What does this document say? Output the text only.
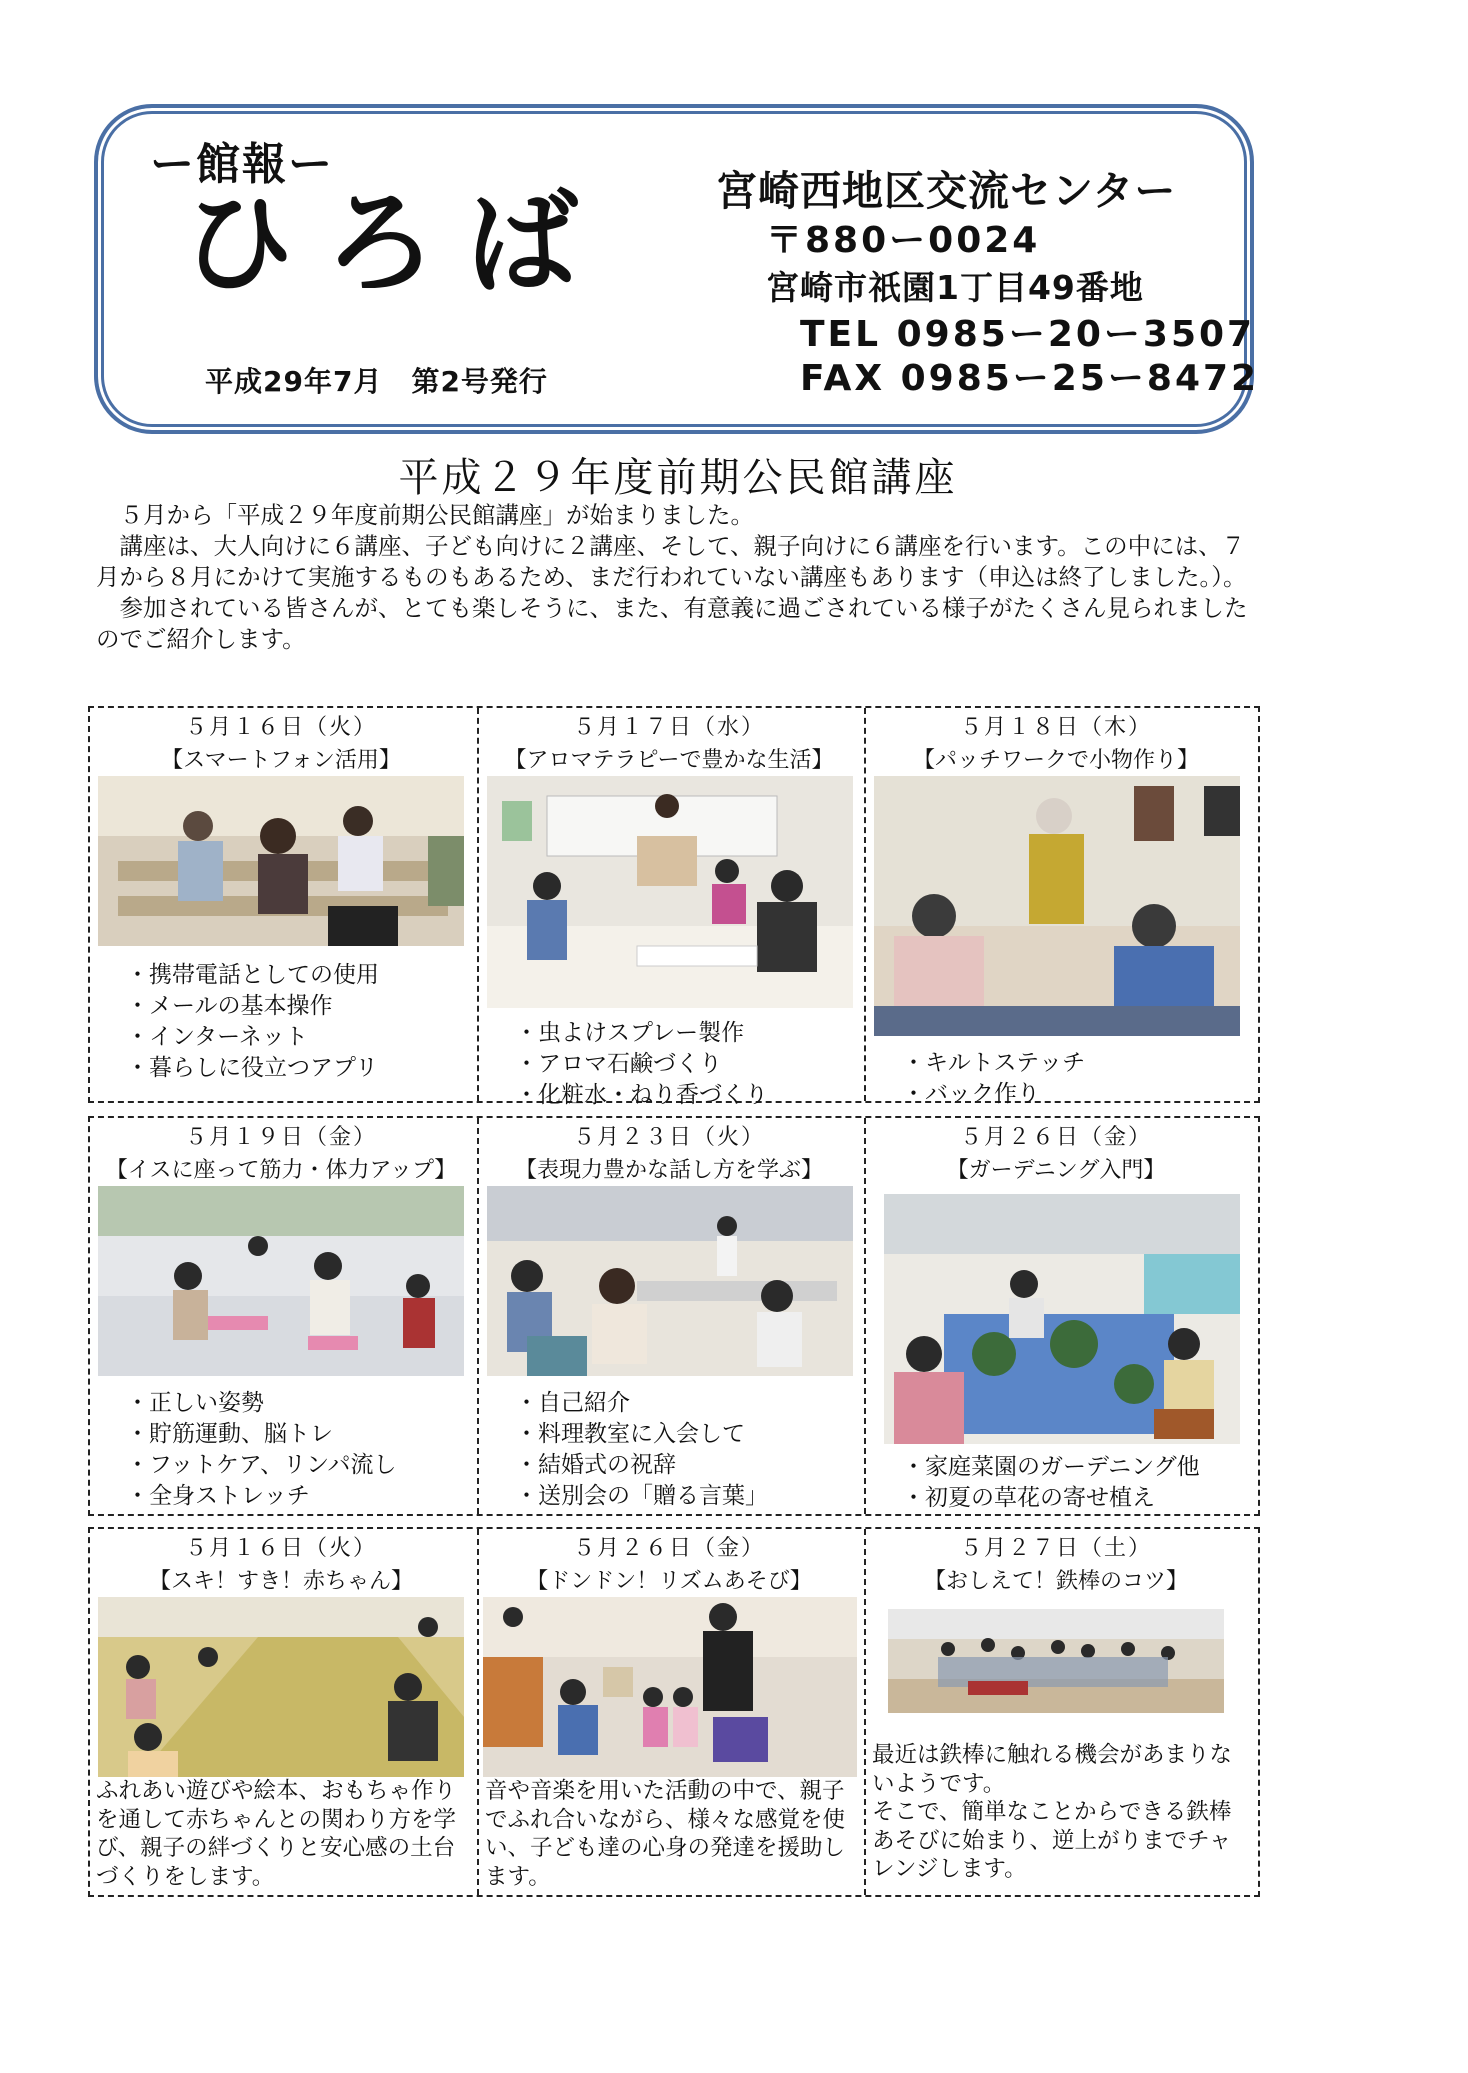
ー館報ー
ひろば
平成29年7月　第2号発行
宮崎西地区交流センター
〒880ー0024
宮崎市祇園1丁目49番地
TEL 0985ー20ー3507
FAX 0985ー25ー8472
平成２９年度前期公民館講座

５月から「平成２９年度前期公民館講座」が始まりました。

講座は、大人向けに６講座、子ども向けに２講座、そして、親子向けに６講座を行います。この中には、７月から８月にかけて実施するものもあるため、まだ行われていない講座もあります（申込は終了しました。）。

参加されている皆さんが、とても楽しそうに、また、有意義に過ごされている様子がたくさん見られましたのでご紹介します。

５月１６日（火）
【スマートフォン活用】
・携帯電話としての使用
・メールの基本操作
・インターネット
・暮らしに役立つアプリ
５月１７日（水）
【アロマテラピーで豊かな生活】
・虫よけスプレー製作
・アロマ石鹸づくり
・化粧水・ねり香づくり
５月１８日（木）
【パッチワークで小物作り】
・キルトステッチ
・バック作り
５月１９日（金）
【イスに座って筋力・体力アップ】
・正しい姿勢
・貯筋運動、脳トレ
・フットケア、リンパ流し
・全身ストレッチ
５月２３日（火）
【表現力豊かな話し方を学ぶ】
・自己紹介
・料理教室に入会して
・結婚式の祝辞
・送別会の「贈る言葉」
５月２６日（金）
【ガーデニング入門】
・家庭菜園のガーデニング他
・初夏の草花の寄せ植え
５月１６日（火）
【スキ！すき！赤ちゃん】
ふれあい遊びや絵本、おもちゃ作りを通して赤ちゃんとの関わり方を学び、親子の絆づくりと安心感の土台づくりをします。
５月２６日（金）
【ドンドン！リズムあそび】
音や音楽を用いた活動の中で、親子でふれ合いながら、様々な感覚を使い、子ども達の心身の発達を援助します。
５月２７日（土）
【おしえて！鉄棒のコツ】
最近は鉄棒に触れる機会があまりないようです。
そこで、簡単なことからできる鉄棒あそびに始まり、逆上がりまでチャレンジします。
